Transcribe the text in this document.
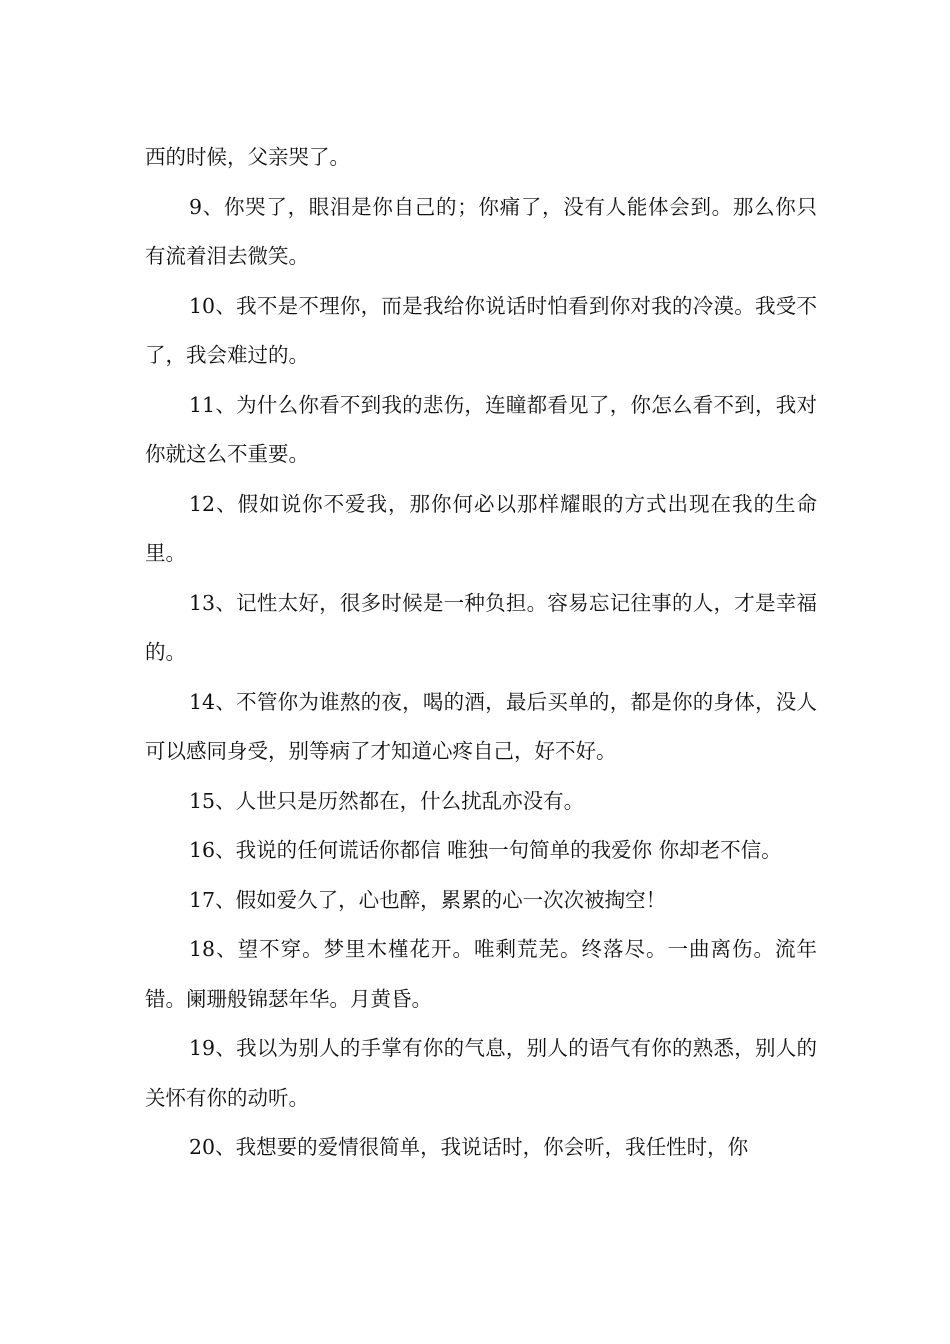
西的时候，父亲哭了。

9、你哭了，眼泪是你自己的；你痛了，没有人能体会到。那么你只有流着泪去微笑。

10、我不是不理你，而是我给你说话时怕看到你对我的冷漠。我受不了，我会难过的。

11、为什么你看不到我的悲伤，连瞳都看见了，你怎么看不到，我对你就这么不重要。

12、假如说你不爱我，那你何必以那样耀眼的方式出现在我的生命里。

13、记性太好，很多时候是一种负担。容易忘记往事的人，才是幸福的。

14、不管你为谁熬的夜，喝的酒，最后买单的，都是你的身体，没人可以感同身受，别等病了才知道心疼自己，好不好。

15、人世只是历然都在，什么扰乱亦没有。

16、我说的任何谎话你都信 唯独一句简单的我爱你 你却老不信。

17、假如爱久了，心也醉，累累的心一次次被掏空！

18、望不穿。梦里木槿花开。唯剩荒芜。终落尽。一曲离伤。流年错。阑珊般锦瑟年华。月黄昏。

19、我以为别人的手掌有你的气息，别人的语气有你的熟悉，别人的关怀有你的动听。

20、我想要的爱情很简单，我说话时，你会听，我任性时，你
